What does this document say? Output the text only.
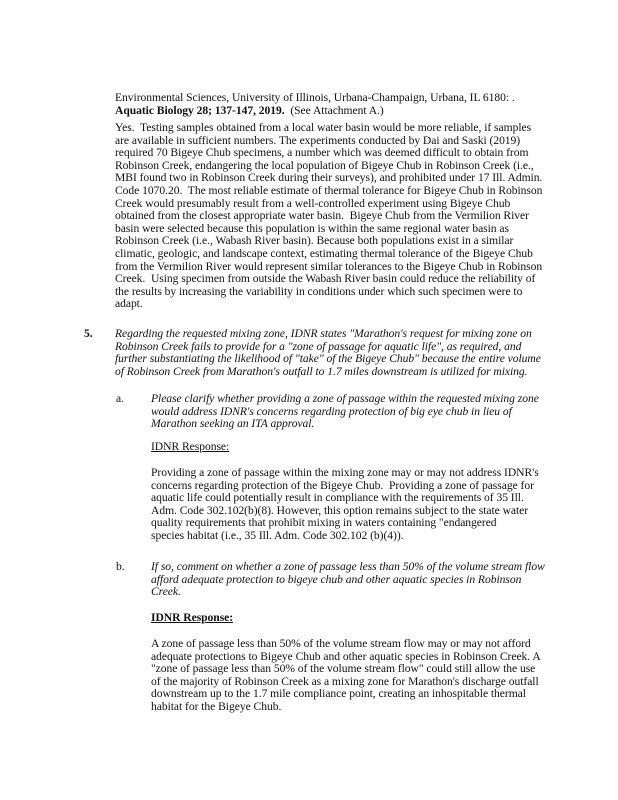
Environmental Sciences, University of Illinois, Urbana-Champaign, Urbana, IL 6180: .
Aquatic Biology 28; 137-147, 2019.  (See Attachment A.)
Yes.  Testing samples obtained from a local water basin would be more reliable, if samples
are available in sufficient numbers. The experiments conducted by Dai and Saski (2019)
required 70 Bigeye Chub specimens, a number which was deemed difficult to obtain from
Robinson Creek, endangering the local population of Bigeye Chub in Robinson Creek (i.e.,
MBI found two in Robinson Creek during their surveys), and prohibited under 17 Ill. Admin.
Code 1070.20.  The most reliable estimate of thermal tolerance for Bigeye Chub in Robinson
Creek would presumably result from a well-controlled experiment using Bigeye Chub
obtained from the closest appropriate water basin.  Bigeye Chub from the Vermilion River
basin were selected because this population is within the same regional water basin as
Robinson Creek (i.e., Wabash River basin). Because both populations exist in a similar
climatic, geologic, and landscape context, estimating thermal tolerance of the Bigeye Chub
from the Vermilion River would represent similar tolerances to the Bigeye Chub in Robinson
Creek.  Using specimen from outside the Wabash River basin could reduce the reliability of
the results by increasing the variability in conditions under which such specimen were to
adapt.
5. Regarding the requested mixing zone, IDNR states "Marathon's request for mixing zone on
Robinson Creek fails to provide for a "zone of passage for aquatic life", as required, and
further substantiating the likelihood of "take" of the Bigeye Chub" because the entire volume
of Robinson Creek from Marathon's outfall to 1.7 miles downstream is utilized for mixing.
a. Please clarify whether providing a zone of passage within the requested mixing zone
would address IDNR's concerns regarding protection of big eye chub in lieu of
Marathon seeking an ITA approval.
IDNR Response:
Providing a zone of passage within the mixing zone may or may not address IDNR's
concerns regarding protection of the Bigeye Chub.  Providing a zone of passage for
aquatic life could potentially result in compliance with the requirements of 35 Ill.
Adm. Code 302.102(b)(8). However, this option remains subject to the state water
quality requirements that prohibit mixing in waters containing "endangered
species habitat (i.e., 35 Ill. Adm. Code 302.102 (b)(4)).
b. If so, comment on whether a zone of passage less than 50% of the volume stream flow
afford adequate protection to bigeye chub and other aquatic species in Robinson
Creek.
IDNR Response:
A zone of passage less than 50% of the volume stream flow may or may not afford
adequate protections to Bigeye Chub and other aquatic species in Robinson Creek. A
"zone of passage less than 50% of the volume stream flow" could still allow the use
of the majority of Robinson Creek as a mixing zone for Marathon's discharge outfall
downstream up to the 1.7 mile compliance point, creating an inhospitable thermal
habitat for the Bigeye Chub.
